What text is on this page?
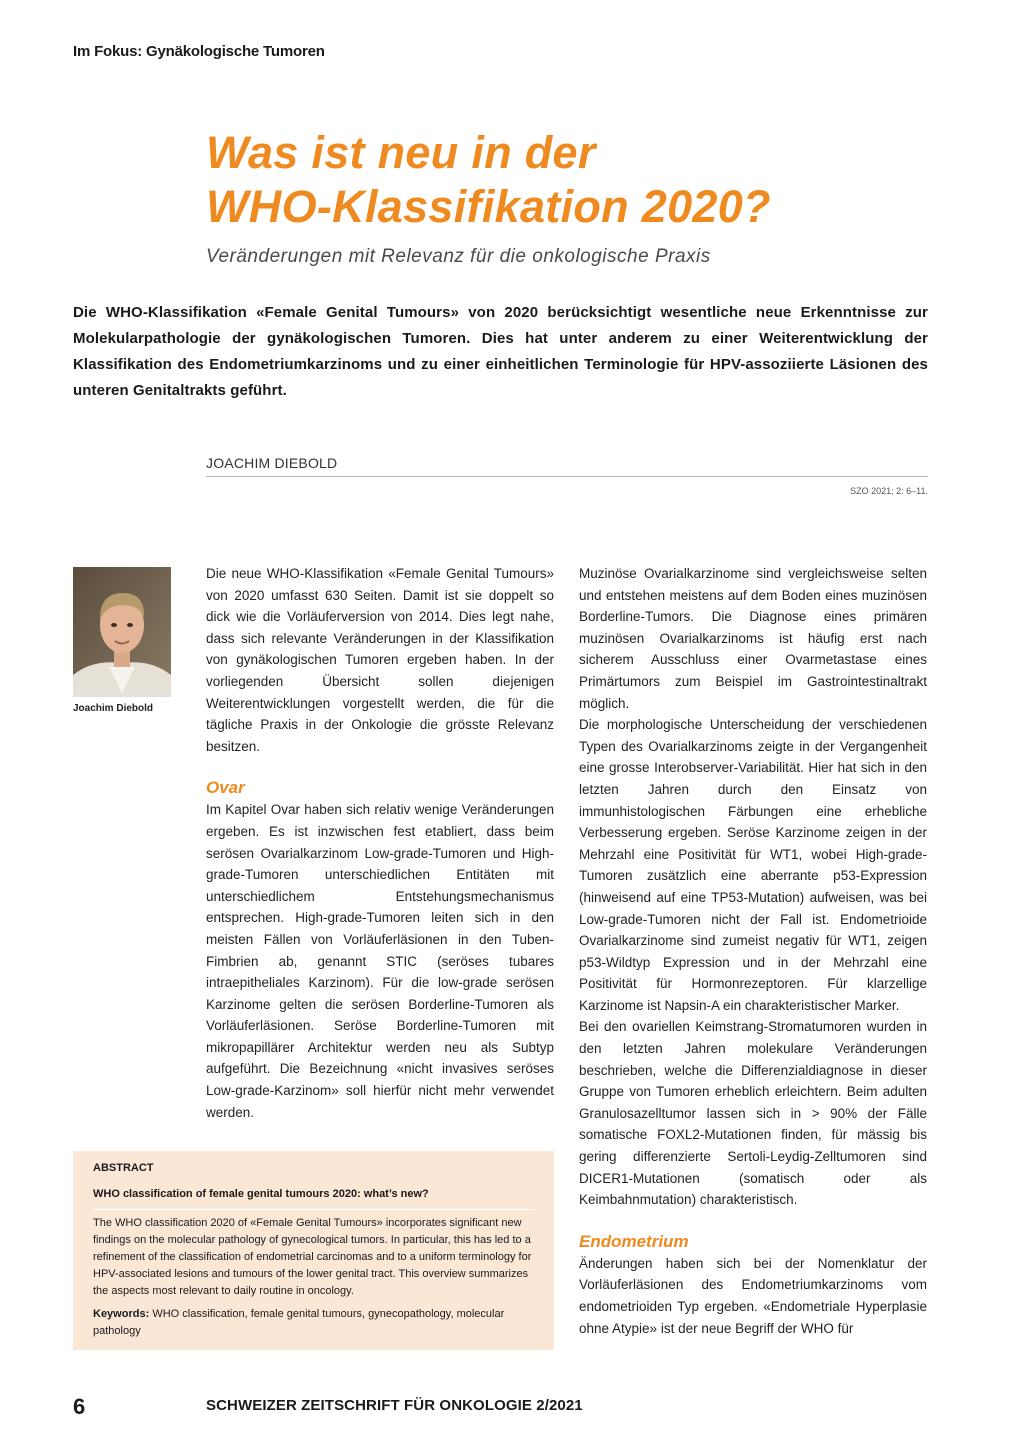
Im Fokus: Gynäkologische Tumoren
Was ist neu in der
WHO-Klassifikation 2020?
Veränderungen mit Relevanz für die onkologische Praxis

Die WHO-Klassifikation «Female Genital Tumours» von 2020 berücksichtigt wesentliche neue Erkenntnisse zur Molekularpathologie der gynäkologischen Tumoren. Dies hat unter anderem zu einer Weiterentwicklung der Klassifikation des Endometriumkarzinoms und zu einer einheitlichen Terminologie für HPV-assoziierte Läsionen des unteren Genitaltrakts geführt.

JOACHIM DIEBOLD
SZO 2021; 2: 6–11.
Joachim Diebold

Die neue WHO-Klassifikation «Female Genital Tumours» von 2020 umfasst 630 Seiten. Damit ist sie doppelt so dick wie die Vorläuferversion von 2014. Dies legt nahe, dass sich relevante Veränderungen in der Klassifikation von gynäkologischen Tumoren ergeben haben. In der vorliegenden Übersicht sollen diejenigen Weiterentwicklungen vorgestellt werden, die für die tägliche Praxis in der Onkologie die grösste Relevanz besitzen.

Ovar

Im Kapitel Ovar haben sich relativ wenige Veränderungen ergeben. Es ist inzwischen fest etabliert, dass beim serösen Ovarialkarzinom Low-grade-Tumoren und High-grade-Tumoren unterschiedlichen Entitäten mit unterschiedlichem Entstehungsmechanismus entsprechen. High-grade-Tumoren leiten sich in den meisten Fällen von Vorläuferläsionen in den Tuben-Fimbrien ab, genannt STIC (seröses tubares intraepitheliales Karzinom). Für die low-grade serösen Karzinome gelten die serösen Borderline-Tumoren als Vorläuferläsionen. Seröse Borderline-Tumoren mit mikropapillärer Architektur werden neu als Subtyp aufgeführt. Die Bezeichnung «nicht invasives seröses Low-grade-Karzinom» soll hierfür nicht mehr verwendet werden.

ABSTRACT

WHO classification of female genital tumours 2020: what’s new?

The WHO classification 2020 of «Female Genital Tumours» incorporates significant new findings on the molecular pathology of gynecological tumors. In particular, this has led to a refinement of the classification of endometrial carcinomas and to a uniform terminology for HPV-associated lesions and tumours of the lower genital tract. This overview summarizes the aspects most relevant to daily routine in oncology.

Keywords: WHO classification, female genital tumours, gynecopathology, molecular pathology

Muzinöse Ovarialkarzinome sind vergleichsweise selten und entstehen meistens auf dem Boden eines muzinösen Borderline-Tumors. Die Diagnose eines primären muzinösen Ovarialkarzinoms ist häufig erst nach sicherem Ausschluss einer Ovarmetastase eines Primärtumors zum Beispiel im Gastrointestinaltrakt möglich.

Die morphologische Unterscheidung der verschiedenen Typen des Ovarialkarzinoms zeigte in der Vergangenheit eine grosse Interobserver-Variabilität. Hier hat sich in den letzten Jahren durch den Einsatz von immunhistologischen Färbungen eine erhebliche Verbesserung ergeben. Seröse Karzinome zeigen in der Mehrzahl eine Positivität für WT1, wobei High-grade-Tumoren zusätzlich eine aberrante p53-Expression (hinweisend auf eine TP53-Mutation) aufweisen, was bei Low-grade-Tumoren nicht der Fall ist. Endometrioide Ovarialkarzinome sind zumeist negativ für WT1, zeigen p53-Wildtyp Expression und in der Mehrzahl eine Positivität für Hormonrezeptoren. Für klarzellige Karzinome ist Napsin-A ein charakteristischer Marker.

Bei den ovariellen Keimstrang-Stromatumoren wurden in den letzten Jahren molekulare Veränderungen beschrieben, welche die Differenzialdiagnose in dieser Gruppe von Tumoren erheblich erleichtern. Beim adulten Granulosazelltumor lassen sich in > 90% der Fälle somatische FOXL2-Mutationen finden, für mässig bis gering differenzierte Sertoli-Leydig-Zelltumoren sind DICER1-Mutationen (somatisch oder als Keimbahnmutation) charakteristisch.

Endometrium

Änderungen haben sich bei der Nomenklatur der Vorläuferläsionen des Endometriumkarzinoms vom endometrioiden Typ ergeben. «Endometriale Hyperplasie ohne Atypie» ist der neue Begriff der WHO für

6	SCHWEIZER ZEITSCHRIFT FÜR ONKOLOGIE 2/2021
